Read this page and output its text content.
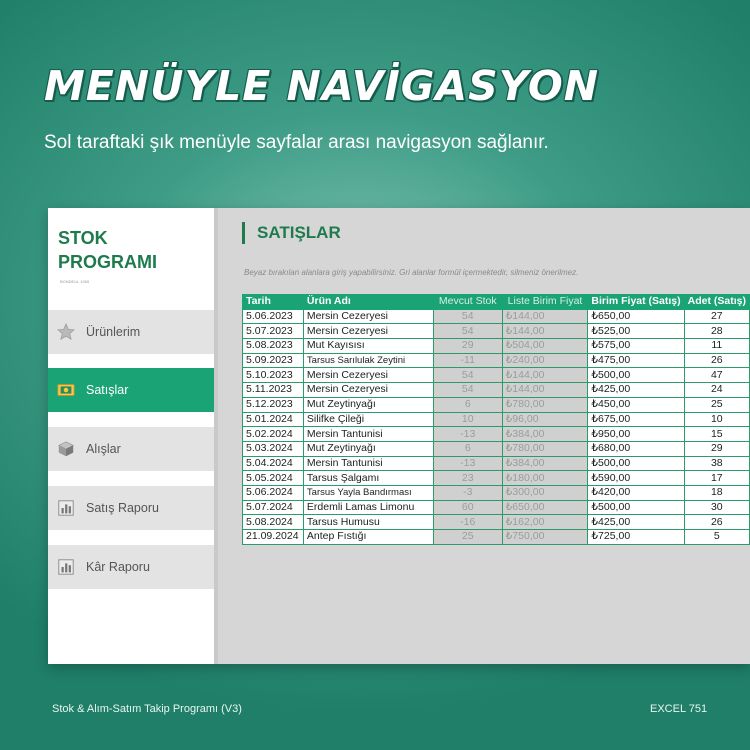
MENÜYLE NAVİGASYON

Sol taraftaki şık menüyle sayfalar arası navigasyon sağlanır.

STOK
PROGRAMI
BONDEUL 1965
Ürünlerim
Satışlar
Alışlar
Satış Raporu
Kâr Raporu
SATIŞLAR
Beyaz bırakılan alanlara giriş yapabilirsiniz. Gri alanlar formül içermektedir, silmeniz önerilmez.
Tarih	Ürün Adı	Mevcut Stok	Liste Birim Fiyat	Birim Fiyat (Satış)	Adet (Satış)
5.06.2023	Mersin Cezeryesi	54	₺144,00	₺650,00	27
5.07.2023	Mersin Cezeryesi	54	₺144,00	₺525,00	28
5.08.2023	Mut Kayısısı	29	₺504,00	₺575,00	11
5.09.2023	Tarsus Sarılulak Zeytini	-11	₺240,00	₺475,00	26
5.10.2023	Mersin Cezeryesi	54	₺144,00	₺500,00	47
5.11.2023	Mersin Cezeryesi	54	₺144,00	₺425,00	24
5.12.2023	Mut Zeytinyağı	6	₺780,00	₺450,00	25
5.01.2024	Silifke Çileği	10	₺96,00	₺675,00	10
5.02.2024	Mersin Tantunisi	-13	₺384,00	₺950,00	15
5.03.2024	Mut Zeytinyağı	6	₺780,00	₺680,00	29
5.04.2024	Mersin Tantunisi	-13	₺384,00	₺500,00	38
5.05.2024	Tarsus Şalgamı	23	₺180,00	₺590,00	17
5.06.2024	Tarsus Yayla Bandırması	-3	₺300,00	₺420,00	18
5.07.2024	Erdemli Lamas Limonu	60	₺650,00	₺500,00	30
5.08.2024	Tarsus Humusu	-16	₺162,00	₺425,00	26
21.09.2024	Antep Fıstığı	25	₺750,00	₺725,00	5
Stok & Alım-Satım Takip Programı (V3)	EXCEL 751
